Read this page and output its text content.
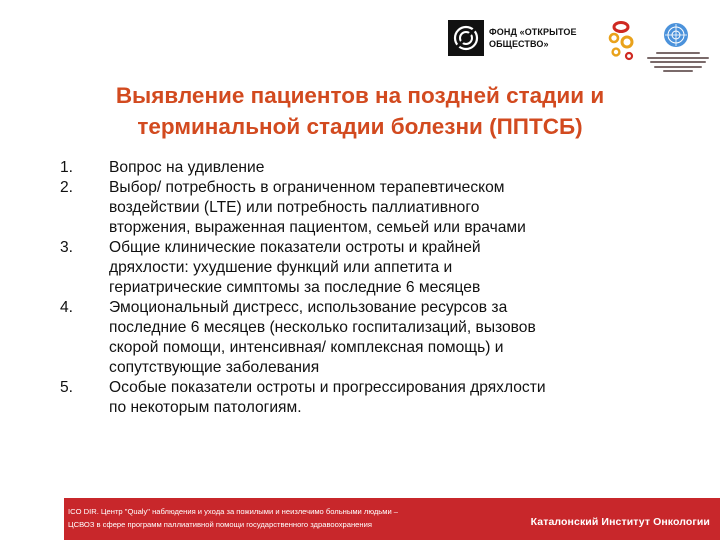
ФОНД «ОТКРЫТОЕ
ОБЩЕСТВО»
Выявление пациентов на поздней стадии и
терминальной стадии болезни (ППТСБ)
1.	Вопрос на удивление
2.	Выбор/ потребность в ограниченном терапевтическом
воздействии (LTE) или потребность паллиативного
вторжения, выраженная пациентом, семьей или врачами
3.	Общие клинические показатели остроты и крайней
дряхлости: ухудшение функций или аппетита и
гериатрические симптомы за последние 6 месяцев
4.	Эмоциональный дистресс, использование ресурсов за
последние 6 месяцев (несколько госпитализаций, вызовов
скорой помощи, интенсивная/ комплексная помощь) и
сопутствующие заболевания
5.	Особые показатели остроты и прогрессирования дряхлости
по некоторым патологиям.
ICO DIR. Центр "Qualy" наблюдения и ухода за пожилыми и неизлечимо больными людьми –
ЦСВОЗ в сфере программ паллиативной помощи государственного здравоохранения	Каталонский Институт Онкологии
